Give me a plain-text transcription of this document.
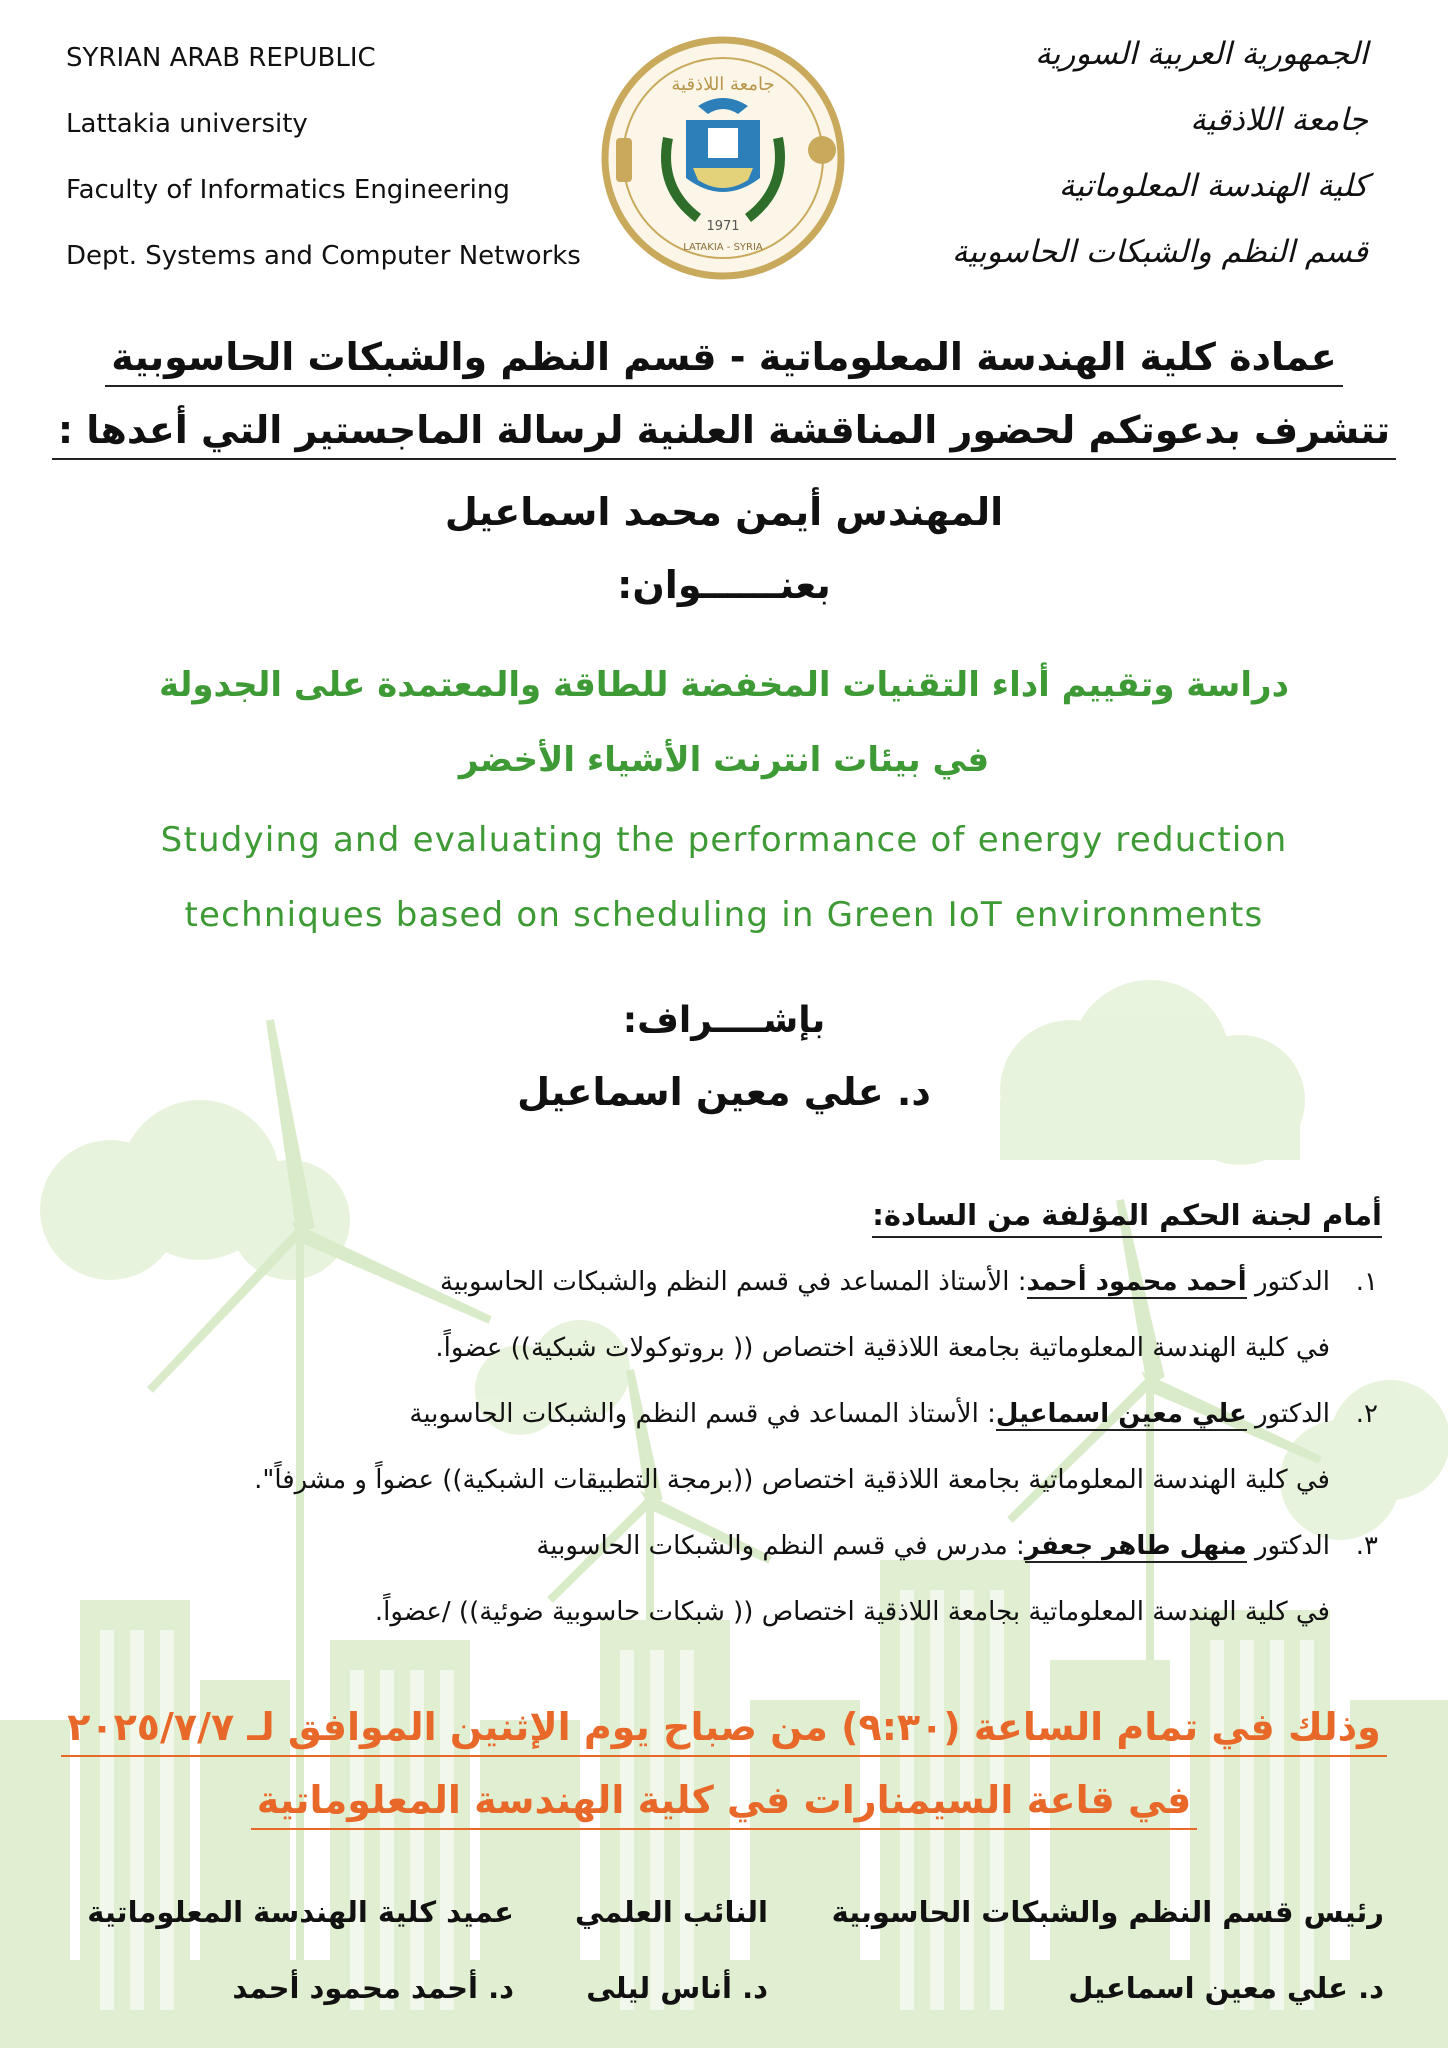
SYRIAN ARAB REPUBLIC
Lattakia university
Faculty of Informatics Engineering
Dept. Systems and Computer Networks
الجمهورية العربية السورية
جامعة اللاذقية
كلية الهندسة المعلوماتية
قسم النظم والشبكات الحاسوبية
جامعة اللاذقية
1971
LATAKIA - SYRIA
عمادة كلية الهندسة المعلوماتية - قسم النظم والشبكات الحاسوبية
تتشرف بدعوتكم لحضور المناقشة العلنية لرسالة الماجستير التي أعدها :
المهندس أيمن محمد اسماعيل
بعنــــــوان:
دراسة وتقييم أداء التقنيات المخفضة للطاقة والمعتمدة على الجدولة
في بيئات انترنت الأشياء الأخضر
Studying and evaluating the performance of energy reduction
techniques based on scheduling in Green IoT environments
بإشــــراف:
د. علي معين اسماعيل
أمام لجنة الحكم المؤلفة من السادة:
١.الدكتور أحمد محمود أحمد: الأستاذ المساعد في قسم النظم والشبكات الحاسوبية
في كلية الهندسة المعلوماتية بجامعة اللاذقية اختصاص (( بروتوكولات شبكية)) عضواً.
٢.الدكتور علي معين اسماعيل: الأستاذ المساعد في قسم النظم والشبكات الحاسوبية
في كلية الهندسة المعلوماتية بجامعة اللاذقية اختصاص ((برمجة التطبيقات الشبكية)) عضواً و مشرفاً".
٣.الدكتور منهل طاهر جعفر: مدرس في قسم النظم والشبكات الحاسوبية
في كلية الهندسة المعلوماتية بجامعة اللاذقية اختصاص (( شبكات حاسوبية ضوئية)) /عضواً.
وذلك في تمام الساعة (٩:٣٠) من صباح يوم الإثنين الموافق لـ ٢٠٢٥/٧/٧
في قاعة السيمنارات في كلية الهندسة المعلوماتية
رئيس قسم النظم والشبكات الحاسوبية
د. علي معين اسماعيل
النائب العلمي
د. أناس ليلى
عميد كلية الهندسة المعلوماتية
د. أحمد محمود أحمد
